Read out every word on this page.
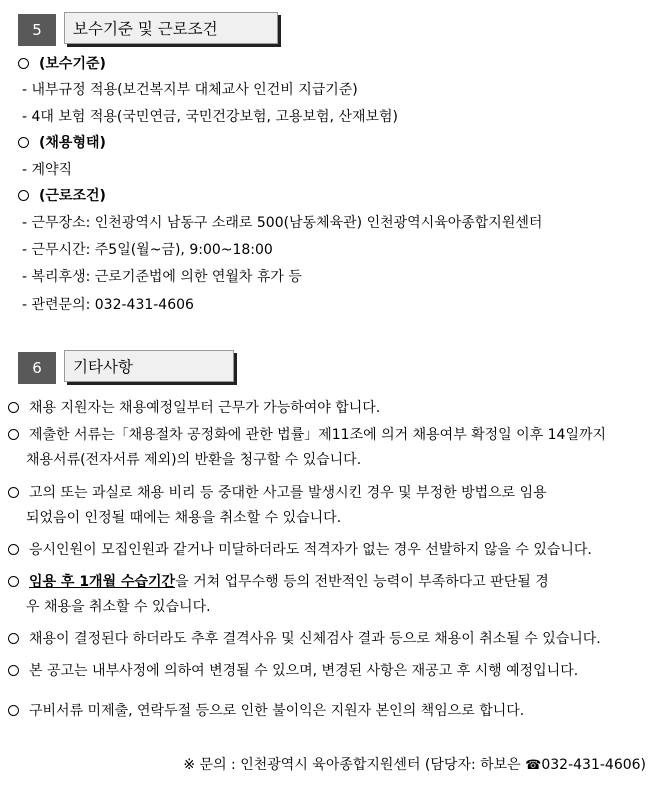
5	보수기준 및 근로조건
(보수기준)
- 내부규정 적용(보건복지부 대체교사 인건비 지급기준)
- 4대 보험 적용(국민연금, 국민건강보험, 고용보험, 산재보험)
(채용형태)
- 계약직
(근로조건)
- 근무장소: 인천광역시 남동구 소래로 500(남동체육관) 인천광역시육아종합지원센터
- 근무시간: 주5일(월~금), 9:00~18:00
- 복리후생: 근로기준법에 의한 연월차 휴가 등
- 관련문의: 032-431-4606
6	기타사항
채용 지원자는 채용예정일부터 근무가 가능하여야 합니다.
제출한 서류는「채용절차 공정화에 관한 법률」제11조에 의거 채용여부 확정일 이후 14일까지
채용서류(전자서류 제외)의 반환을 청구할 수 있습니다.
고의 또는 과실로 채용 비리 등 중대한 사고를 발생시킨 경우 및 부정한 방법으로 임용
되었음이 인정될 때에는 채용을 취소할 수 있습니다.
응시인원이 모집인원과 같거나 미달하더라도 적격자가 없는 경우 선발하지 않을 수 있습니다.
임용 후 1개월 수습기간을 거쳐 업무수행 등의 전반적인 능력이 부족하다고 판단될 경
우 채용을 취소할 수 있습니다.
채용이 결정된다 하더라도 추후 결격사유 및 신체검사 결과 등으로 채용이 취소될 수 있습니다.
본 공고는 내부사정에 의하여 변경될 수 있으며, 변경된 사항은 재공고 후 시행 예정입니다.
구비서류 미제출, 연락두절 등으로 인한 불이익은 지원자 본인의 책임으로 합니다.
※ 문의 : 인천광역시 육아종합지원센터 (담당자: 하보은 ☎032-431-4606)
